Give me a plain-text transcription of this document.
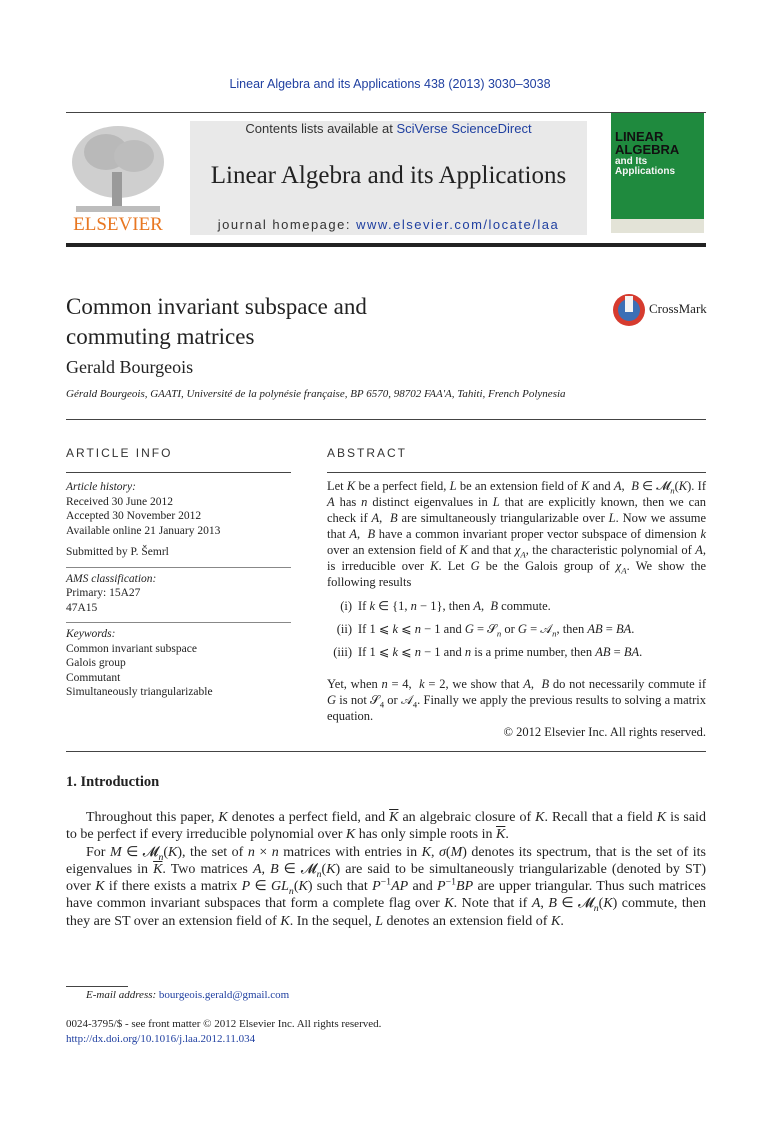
Linear Algebra and its Applications 438 (2013) 3030–3038
ELSEVIER
Contents lists available at SciVerse ScienceDirect
Linear Algebra and its Applications
journal homepage: www.elsevier.com/locate/laa
LINEAR
ALGEBRA
and Its
Applications
Common invariant subspace and
commuting matrices
CrossMark
Gerald Bourgeois
Gérald Bourgeois, GAATI, Université de la polynésie française, BP 6570, 98702 FAA'A, Tahiti, French Polynesia
ARTICLE INFO	ABSTRACT
Article history:
Received 30 June 2012
Accepted 30 November 2012
Available online 21 January 2013
Submitted by P. Šemrl
AMS classification:
Primary: 15A27
47A15
Keywords:
Common invariant subspace
Galois group
Commutant
Simultaneously triangularizable

Let K be a perfect field, L be an extension field of K and A,  B ∈ 𝓜$_n$(K). If A has n distinct eigenvalues in L that are explicitly known, then we can check if A,  B are simultaneously triangularizable over L. Now we assume that A,  B have a common invariant proper vector subspace of dimension k over an extension field of K and that $\chi_A$, the characteristic polynomial of A, is irreducible over K. Let G be the Galois group of $\chi_A$. We show the following results

(i) If k ∈ {1, n − 1}, then A,  B commute.
(ii) If 1 ⩽ k ⩽ n − 1 and G = 𝒮$_n$ or G = 𝒜$_n$, then AB = BA.
(iii) If 1 ⩽ k ⩽ n − 1 and n is a prime number, then AB = BA.

Yet, when n = 4,  k = 2, we show that A,  B do not necessarily commute if G is not 𝒮$_4$ or 𝒜$_4$. Finally we apply the previous results to solving a matrix equation.

© 2012 Elsevier Inc. All rights reserved.
1. Introduction

Throughout this paper, K denotes a perfect field, and $\overline{K}$ an algebraic closure of K. Recall that a field K is said to be perfect if every irreducible polynomial over K has only simple roots in $\overline{K}$.

For M ∈ 𝓜$_n$(K), the set of n × n matrices with entries in K, σ(M) denotes its spectrum, that is the set of its eigenvalues in $\overline{K}$. Two matrices A, B ∈ 𝓜$_n$(K) are said to be simultaneously triangularizable (denoted by ST) over K if there exists a matrix P ∈ $GL_n(K)$ such that $P^{-1}AP$ and $P^{-1}BP$ are upper triangular. Thus such matrices have common invariant subspaces that form a complete flag over K. Note that if A, B ∈ 𝓜$_n$(K) commute, then they are ST over an extension field of K. In the sequel, L denotes an extension field of K.

E-mail address: bourgeois.gerald@gmail.com
0024-3795/$ - see front matter © 2012 Elsevier Inc. All rights reserved.
http://dx.doi.org/10.1016/j.laa.2012.11.034
